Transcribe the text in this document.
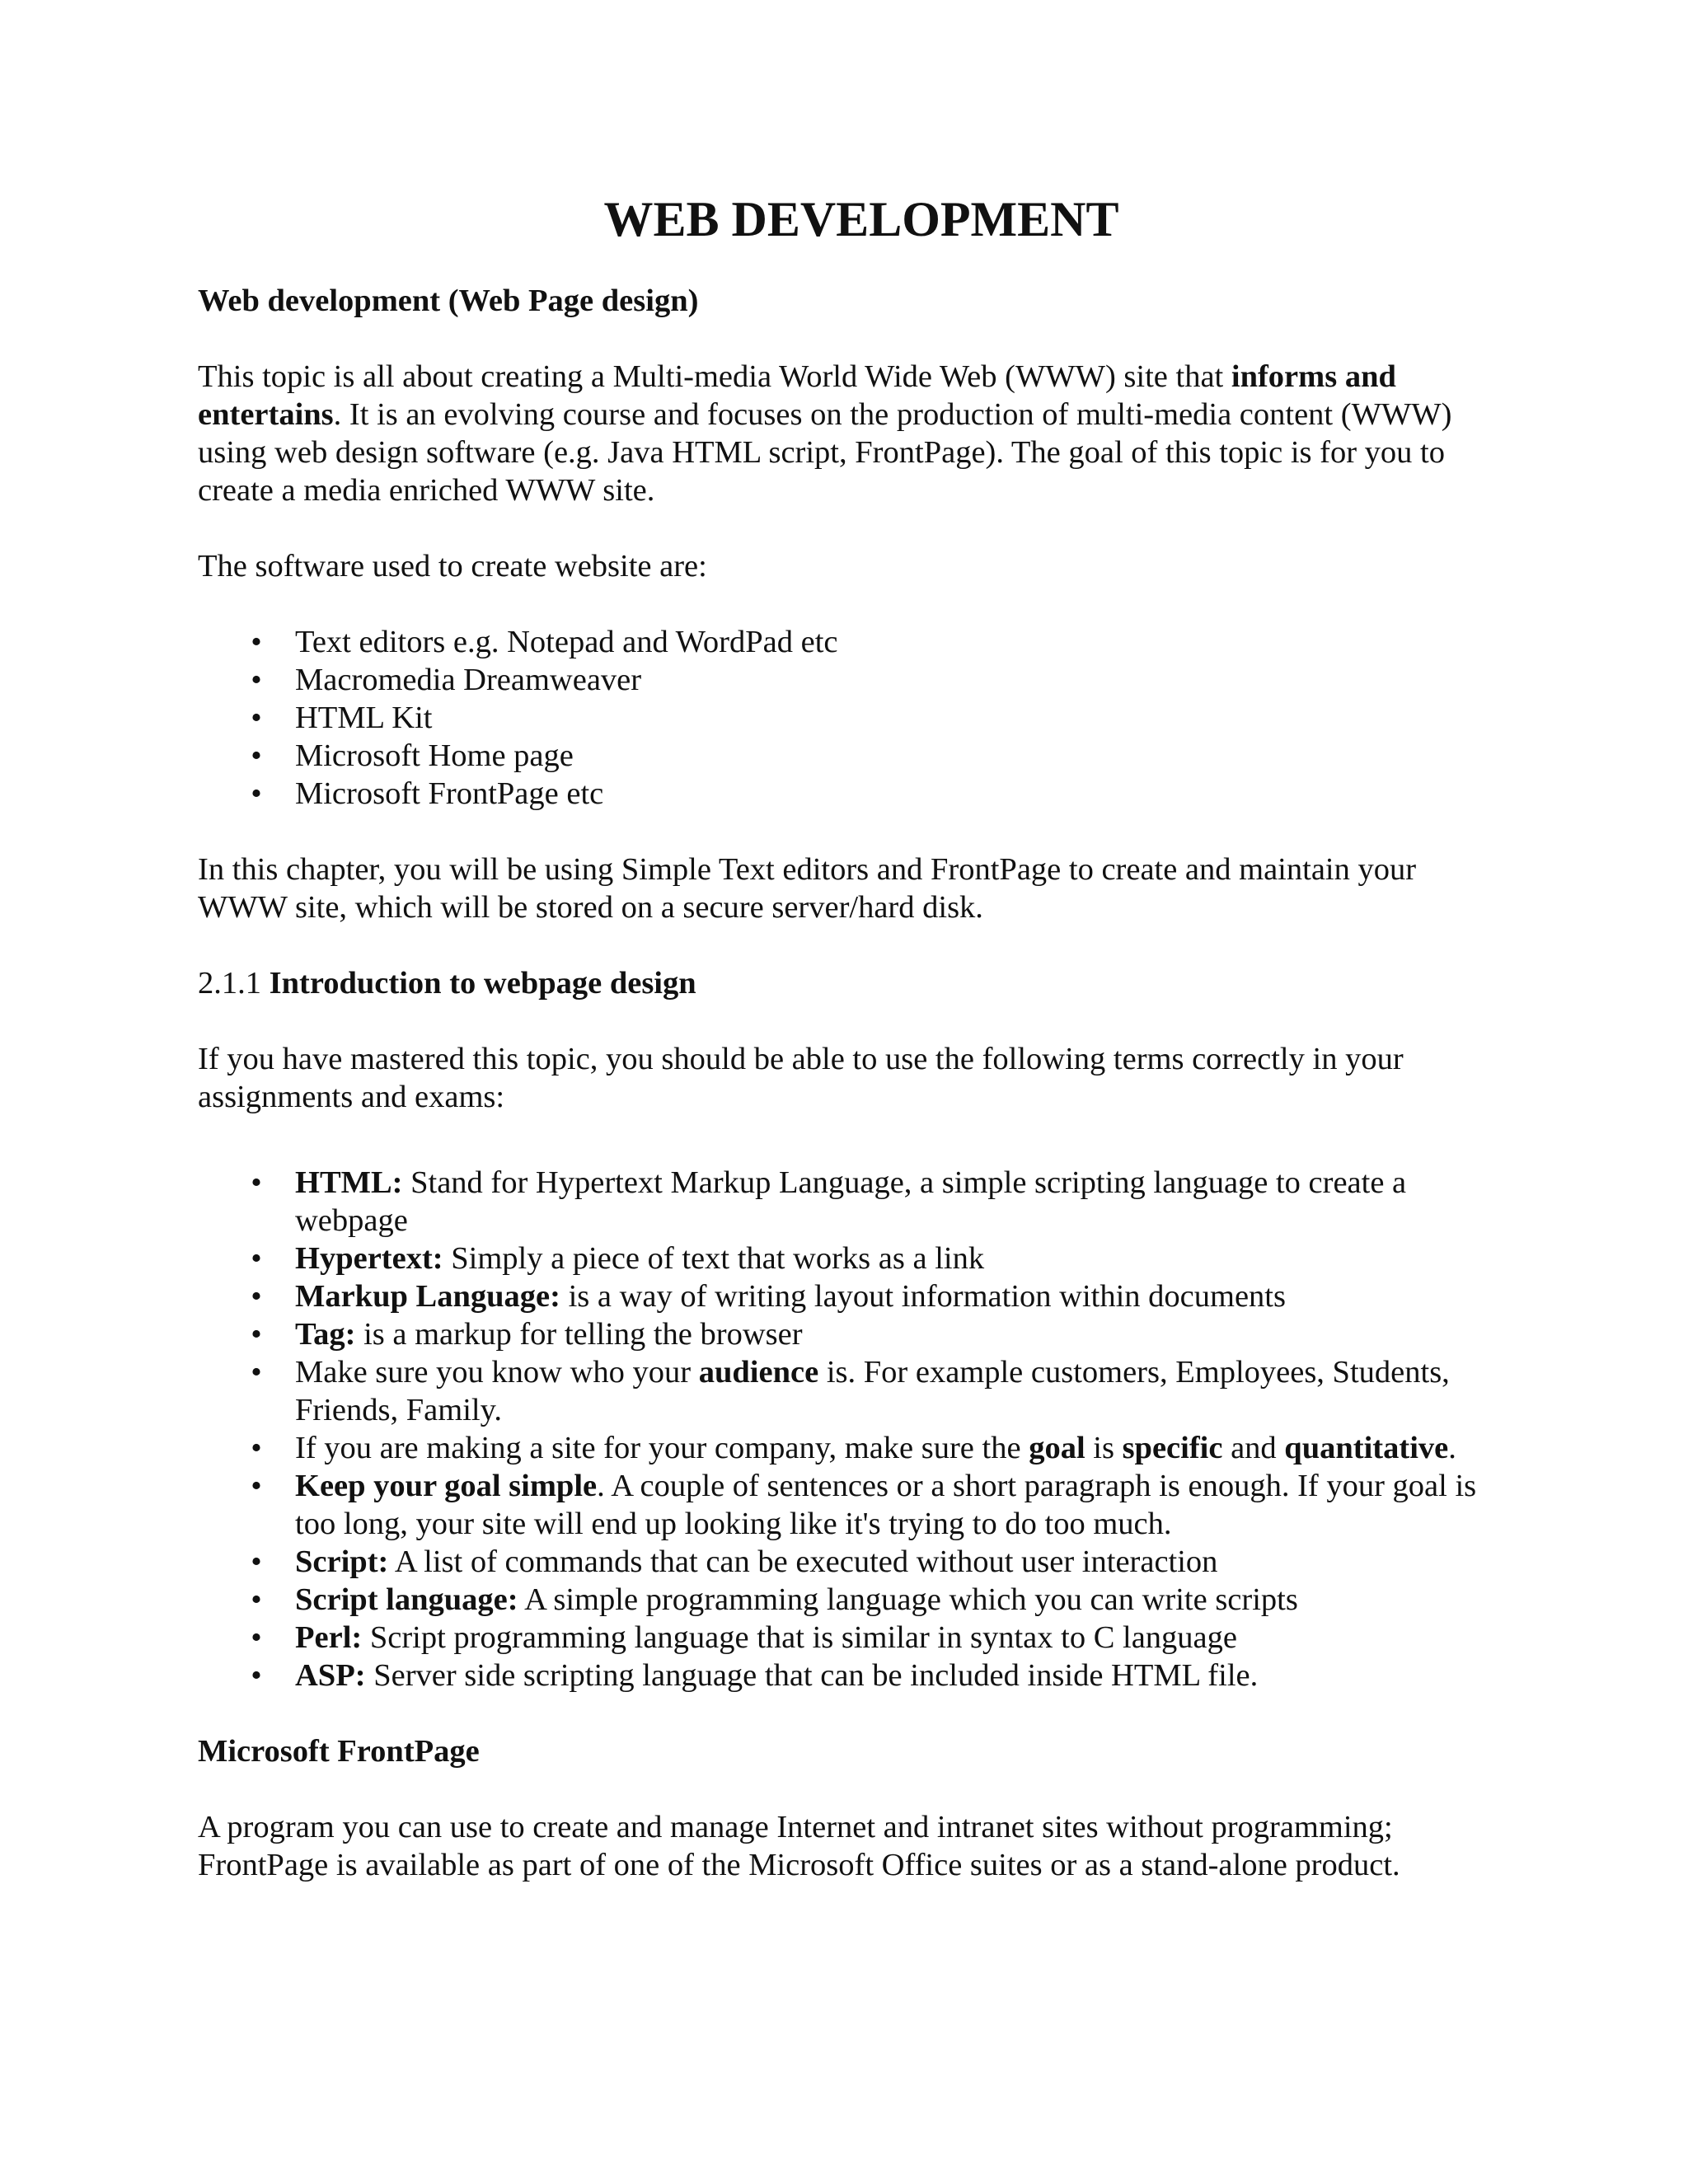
WEB DEVELOPMENT

Web development (Web Page design)

This topic is all about creating a Multi-media World Wide Web (WWW) site that informs and entertains. It is an evolving course and focuses on the production of multi-media content (WWW) using web design software (e.g. Java HTML script, FrontPage). The goal of this topic is for you to create a media enriched WWW site.

The software used to create website are:

• Text editors e.g. Notepad and WordPad etc
• Macromedia Dreamweaver
• HTML Kit
• Microsoft Home page
• Microsoft FrontPage etc

In this chapter, you will be using Simple Text editors and FrontPage to create and maintain your WWW site, which will be stored on a secure server/hard disk.

2.1.1 Introduction to webpage design

If you have mastered this topic, you should be able to use the following terms correctly in your assignments and exams:

• HTML: Stand for Hypertext Markup Language, a simple scripting language to create a webpage
• Hypertext: Simply a piece of text that works as a link
• Markup Language: is a way of writing layout information within documents
• Tag: is a markup for telling the browser
• Make sure you know who your audience is. For example customers, Employees, Students, Friends, Family.
• If you are making a site for your company, make sure the goal is specific and quantitative.
• Keep your goal simple. A couple of sentences or a short paragraph is enough. If your goal is too long, your site will end up looking like it's trying to do too much.
• Script: A list of commands that can be executed without user interaction
• Script language: A simple programming language which you can write scripts
• Perl: Script programming language that is similar in syntax to C language
• ASP: Server side scripting language that can be included inside HTML file.

Microsoft FrontPage

A program you can use to create and manage Internet and intranet sites without programming; FrontPage is available as part of one of the Microsoft Office suites or as a stand-alone product.
